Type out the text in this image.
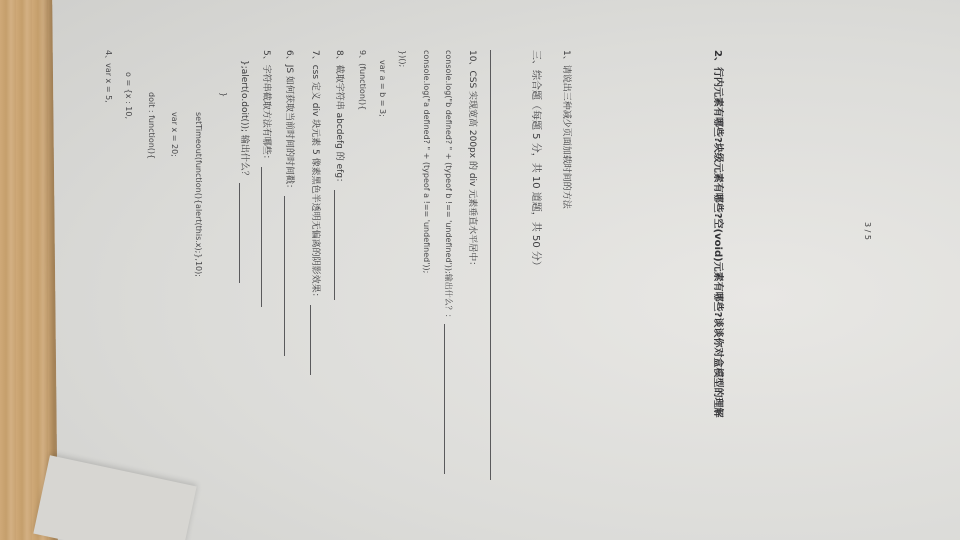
4、var x = 5, o = {x : 10, doit : function(){ var x = 20; setTimeout(function(){alert(this.x);},10);
} };alert(o.doit()); 输出什么？ 5、字符串截取方法有哪些： 6、JS 如何获取当前时间的时间戳： 7、css 定义 div 块元素 5 像素黑色半透明无偏离的阴影效果： 8、截取字符串 abcdefg 的 efg： 9、(function(){ var a = b = 3;
})(); console.log("a defined? " + (typeof a !== 'undefined')); console.log("b defined? " + (typeof b !== 'undefined'));输出什么？： 10、CSS 实现宽高 200px 的 div 元素垂直水平居中：	三、综合题（每题 5 分，共 10 道题，共 50 分） 1、请说出三种减少页面加载时间的方法	2、行内元素有哪些?块级元素有哪些?空(void)元素有哪些?谈谈你对盒模型的理解	3 / 5
